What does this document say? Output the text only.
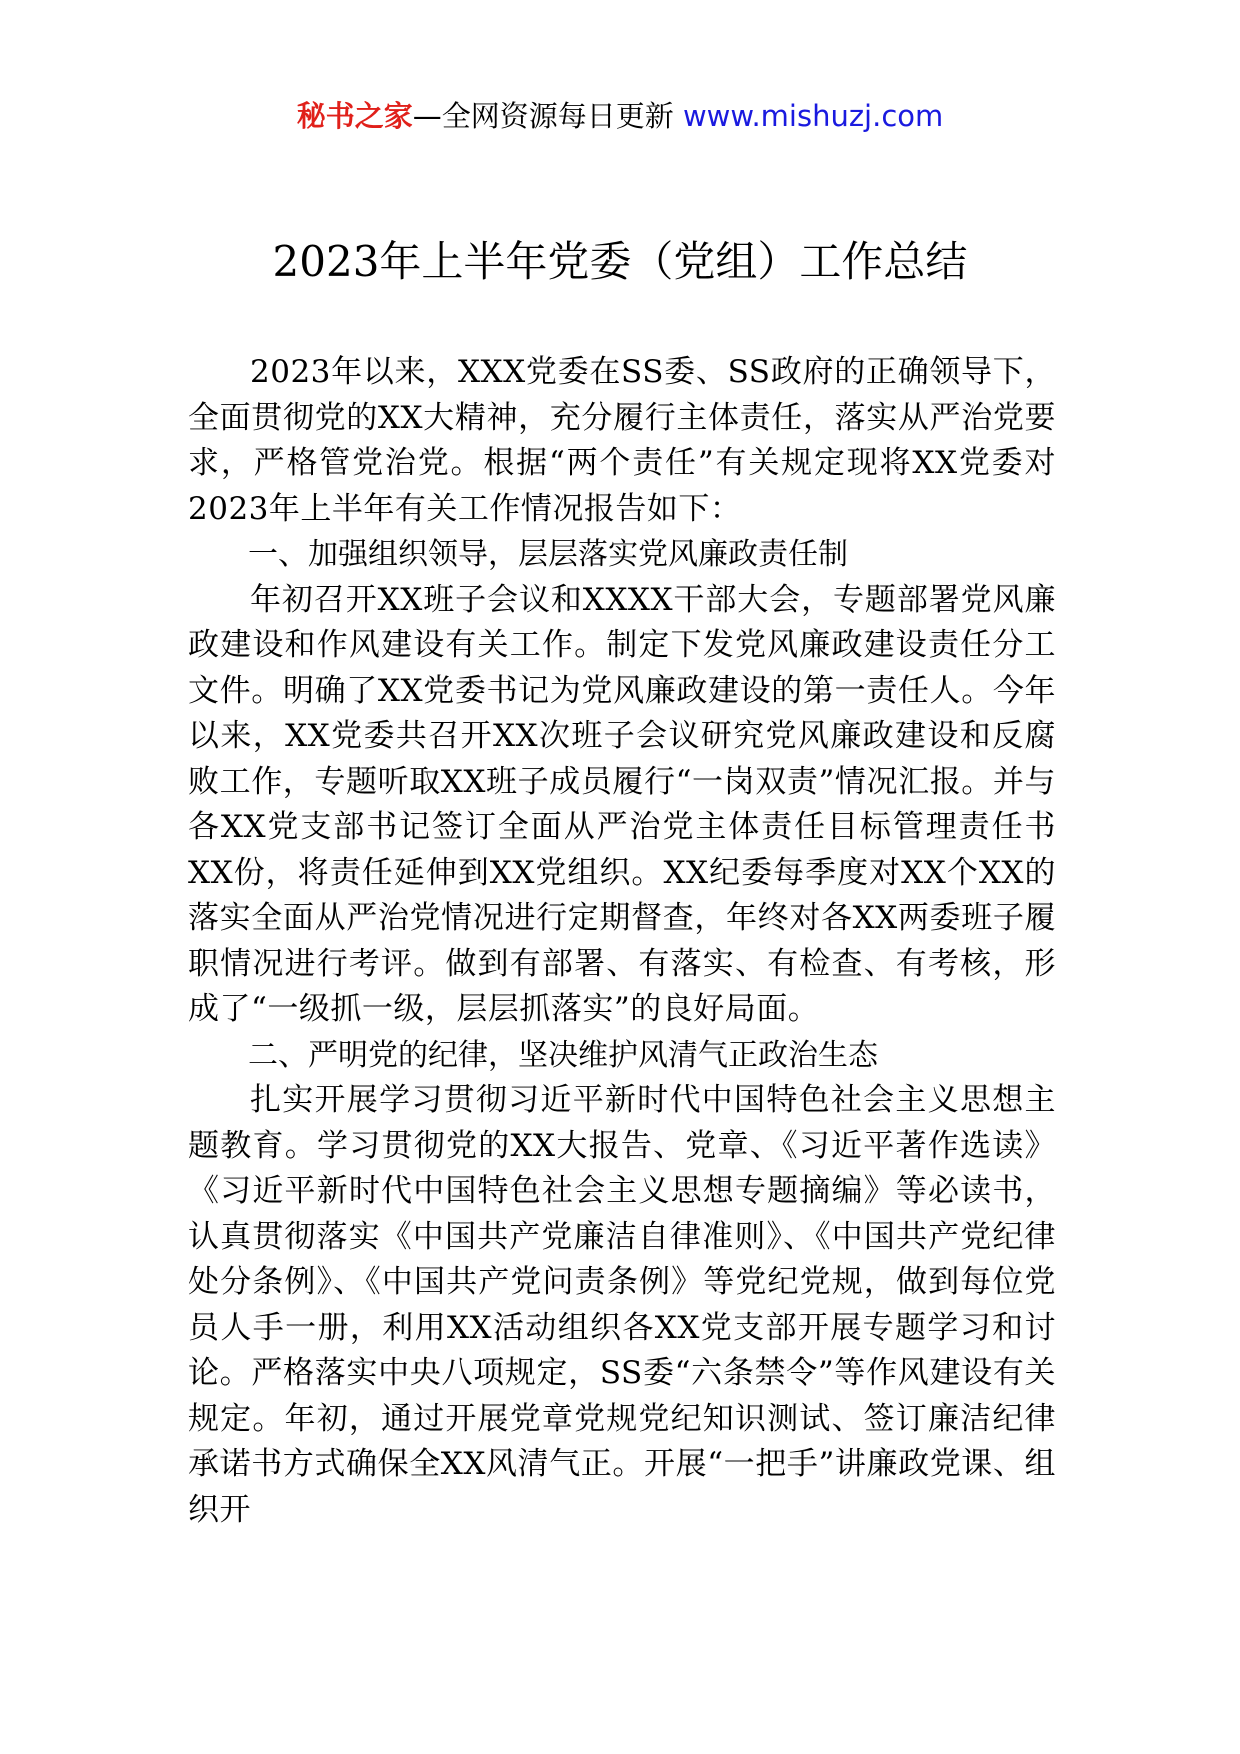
秘书之家—全网资源每日更新 www.mishuzj.com
2023年上半年党委（党组）工作总结

2023年以来，XXX党委在SS委、SS政府的正确领导下，全面贯彻党的XX大精神，充分履行主体责任，落实从严治党要求，严格管党治党。根据“两个责任”有关规定现将XX党委对2023年上半年有关工作情况报告如下：

一、加强组织领导，层层落实党风廉政责任制

年初召开XX班子会议和XXXX干部大会，专题部署党风廉政建设和作风建设有关工作。制定下发党风廉政建设责任分工文件。明确了XX党委书记为党风廉政建设的第一责任人。今年以来，XX党委共召开XX次班子会议研究党风廉政建设和反腐败工作，专题听取XX班子成员履行“一岗双责”情况汇报。并与各XX党支部书记签订全面从严治党主体责任目标管理责任书XX份，将责任延伸到XX党组织。XX纪委每季度对XX个XX的落实全面从严治党情况进行定期督查，年终对各XX两委班子履职情况进行考评。做到有部署、有落实、有检查、有考核，形成了“一级抓一级，层层抓落实”的良好局面。

二、严明党的纪律，坚决维护风清气正政治生态

扎实开展学习贯彻习近平新时代中国特色社会主义思想主题教育。学习贯彻党的XX大报告、党章、《习近平著作选读》《习近平新时代中国特色社会主义思想专题摘编》等必读书，认真贯彻落实《中国共产党廉洁自律准则》、《中国共产党纪律处分条例》、《中国共产党问责条例》等党纪党规，做到每位党员人手一册，利用XX活动组织各XX党支部开展专题学习和讨论。严格落实中央八项规定，SS委“六条禁令”等作风建设有关规定。年初，通过开展党章党规党纪知识测试、签订廉洁纪律承诺书方式确保全XX风清气正。开展“一把手”讲廉政党课、组织开
